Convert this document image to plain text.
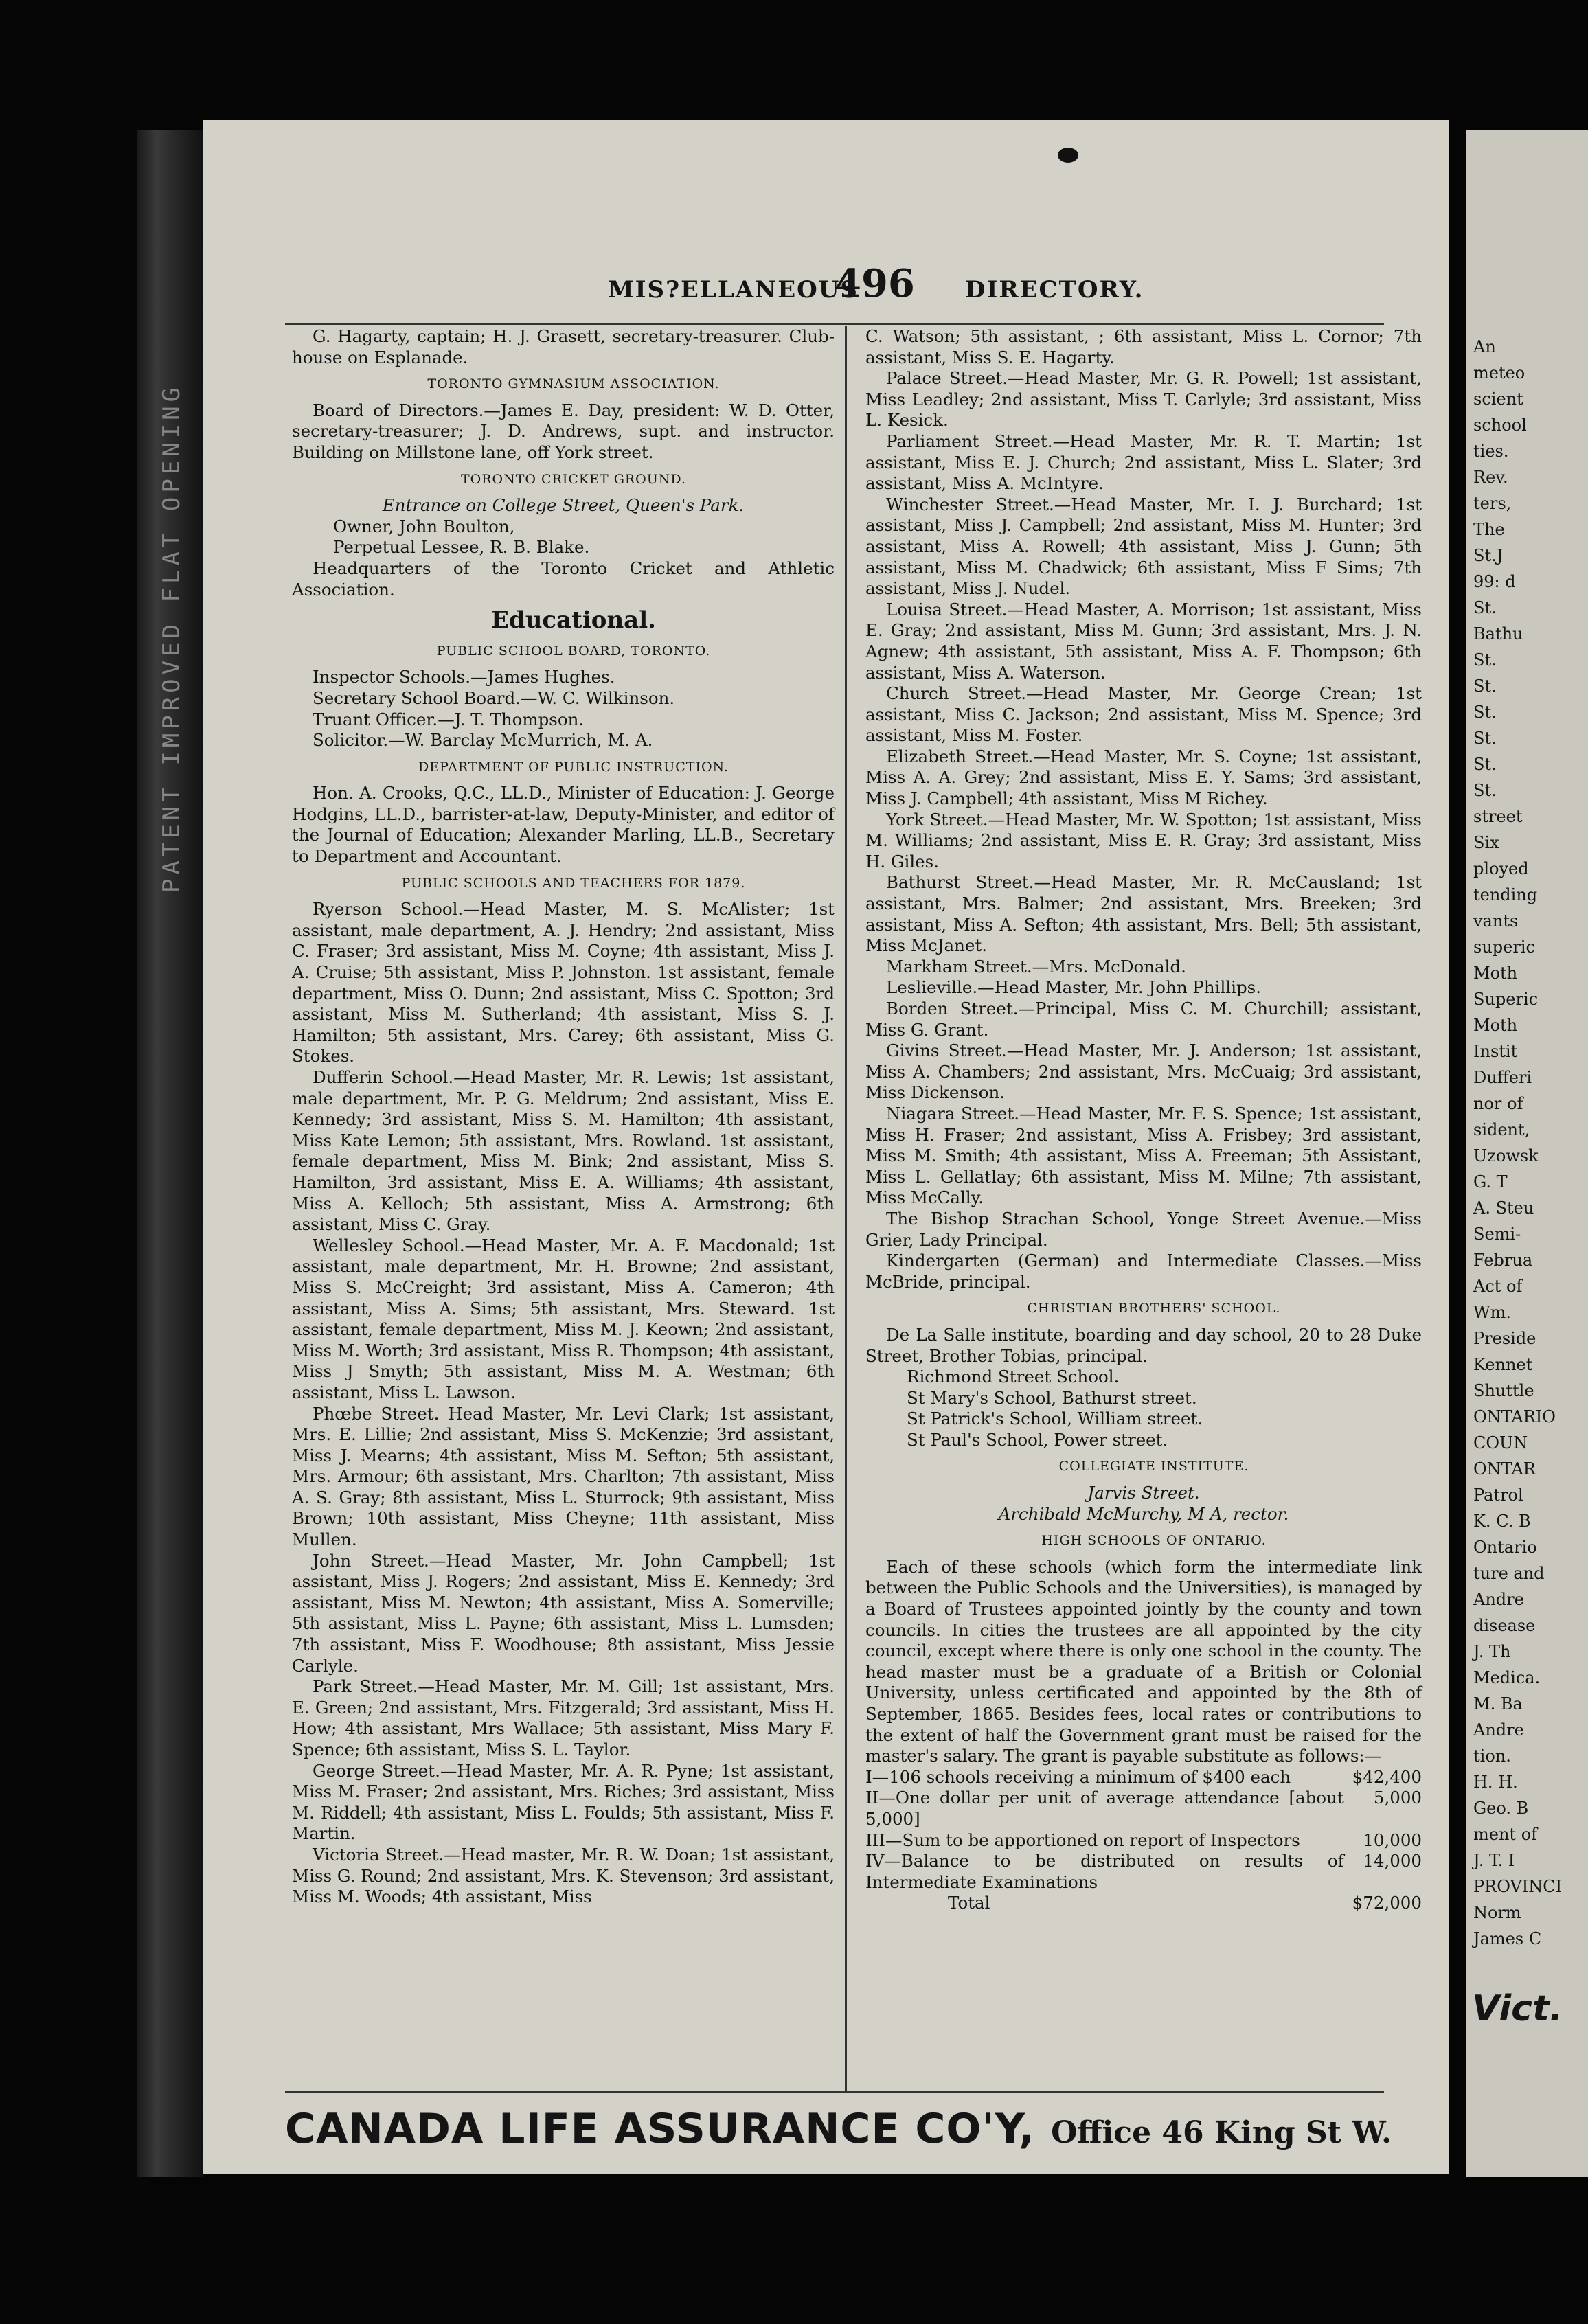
PATENT IMPROVED FLAT OPENING
MIS?ELLANEOUS
496 DIRECTORY.

G. Hagarty, captain; H. J. Grasett, secretary-treasurer. Club-house on Esplanade.

TORONTO GYMNASIUM ASSOCIATION.

Board of Directors.—James E. Day, president: W. D. Otter, secretary-treasurer; J. D. Andrews, supt. and instructor. Building on Millstone lane, off York street.

TORONTO CRICKET GROUND.

Entrance on College Street, Queen's Park.

Owner, John Boulton,

Perpetual Lessee, R. B. Blake.

Headquarters of the Toronto Cricket and Athletic Association.

Educational.

PUBLIC SCHOOL BOARD, TORONTO.

Inspector Schools.—James Hughes.

Secretary School Board.—W. C. Wilkinson.

Truant Officer.—J. T. Thompson.

Solicitor.—W. Barclay McMurrich, M. A.

DEPARTMENT OF PUBLIC INSTRUCTION.

Hon. A. Crooks, Q.C., LL.D., Minister of Education: J. George Hodgins, LL.D., barrister-at-law, Deputy-Minister, and editor of the Journal of Education; Alexander Marling, LL.B., Secretary to Department and Accountant.

PUBLIC SCHOOLS AND TEACHERS FOR 1879.

Ryerson School.—Head Master, M. S. McAlister; 1st assistant, male department, A. J. Hendry; 2nd assistant, Miss C. Fraser; 3rd assistant, Miss M. Coyne; 4th assistant, Miss J. A. Cruise; 5th assistant, Miss P. Johnston. 1st assistant, female department, Miss O. Dunn; 2nd assistant, Miss C. Spotton; 3rd assistant, Miss M. Sutherland; 4th assistant, Miss S. J. Hamilton; 5th assistant, Mrs. Carey; 6th assistant, Miss G. Stokes.

Dufferin School.—Head Master, Mr. R. Lewis; 1st assistant, male department, Mr. P. G. Meldrum; 2nd assistant, Miss E. Kennedy; 3rd assistant, Miss S. M. Hamilton; 4th assistant, Miss Kate Lemon; 5th assistant, Mrs. Rowland. 1st assistant, female department, Miss M. Bink; 2nd assistant, Miss S. Hamilton, 3rd assistant, Miss E. A. Williams; 4th assistant, Miss A. Kelloch; 5th assistant, Miss A. Armstrong; 6th assistant, Miss C. Gray.

Wellesley School.—Head Master, Mr. A. F. Macdonald; 1st assistant, male department, Mr. H. Browne; 2nd assistant, Miss S. McCreight; 3rd assistant, Miss A. Cameron; 4th assistant, Miss A. Sims; 5th assistant, Mrs. Steward. 1st assistant, female department, Miss M. J. Keown; 2nd assistant, Miss M. Worth; 3rd assistant, Miss R. Thompson; 4th assistant, Miss J Smyth; 5th assistant, Miss M. A. Westman; 6th assistant, Miss L. Lawson.

Phœbe Street. Head Master, Mr. Levi Clark; 1st assistant, Mrs. E. Lillie; 2nd assistant, Miss S. McKenzie; 3rd assistant, Miss J. Mearns; 4th assistant, Miss M. Sefton; 5th assistant, Mrs. Armour; 6th assistant, Mrs. Charlton; 7th assistant, Miss A. S. Gray; 8th assistant, Miss L. Sturrock; 9th assistant, Miss Brown; 10th assistant, Miss Cheyne; 11th assistant, Miss Mullen.

John Street.—Head Master, Mr. John Campbell; 1st assistant, Miss J. Rogers; 2nd assistant, Miss E. Kennedy; 3rd assistant, Miss M. Newton; 4th assistant, Miss A. Somerville; 5th assistant, Miss L. Payne; 6th assistant, Miss L. Lumsden; 7th assistant, Miss F. Woodhouse; 8th assistant, Miss Jessie Carlyle.

Park Street.—Head Master, Mr. M. Gill; 1st assistant, Mrs. E. Green; 2nd assistant, Mrs. Fitzgerald; 3rd assistant, Miss H. How; 4th assistant, Mrs Wallace; 5th assistant, Miss Mary F. Spence; 6th assistant, Miss S. L. Taylor.

George Street.—Head Master, Mr. A. R. Pyne; 1st assistant, Miss M. Fraser; 2nd assistant, Mrs. Riches; 3rd assistant, Miss M. Riddell; 4th assistant, Miss L. Foulds; 5th assistant, Miss F. Martin.

Victoria Street.—Head master, Mr. R. W. Doan; 1st assistant, Miss G. Round; 2nd assistant, Mrs. K. Stevenson; 3rd assistant, Miss M. Woods; 4th assistant, Miss

C. Watson; 5th assistant, ; 6th assistant, Miss L. Cornor; 7th assistant, Miss S. E. Hagarty.

Palace Street.—Head Master, Mr. G. R. Powell; 1st assistant, Miss Leadley; 2nd assistant, Miss T. Carlyle; 3rd assistant, Miss L. Kesick.

Parliament Street.—Head Master, Mr. R. T. Martin; 1st assistant, Miss E. J. Church; 2nd assistant, Miss L. Slater; 3rd assistant, Miss A. McIntyre.

Winchester Street.—Head Master, Mr. I. J. Burchard; 1st assistant, Miss J. Campbell; 2nd assistant, Miss M. Hunter; 3rd assistant, Miss A. Rowell; 4th assistant, Miss J. Gunn; 5th assistant, Miss M. Chadwick; 6th assistant, Miss F Sims; 7th assistant, Miss J. Nudel.

Louisa Street.—Head Master, A. Morrison; 1st assistant, Miss E. Gray; 2nd assistant, Miss M. Gunn; 3rd assistant, Mrs. J. N. Agnew; 4th assistant, 5th assistant, Miss A. F. Thompson; 6th assistant, Miss A. Waterson.

Church Street.—Head Master, Mr. George Crean; 1st assistant, Miss C. Jackson; 2nd assistant, Miss M. Spence; 3rd assistant, Miss M. Foster.

Elizabeth Street.—Head Master, Mr. S. Coyne; 1st assistant, Miss A. A. Grey; 2nd assistant, Miss E. Y. Sams; 3rd assistant, Miss J. Campbell; 4th assistant, Miss M Richey.

York Street.—Head Master, Mr. W. Spotton; 1st assistant, Miss M. Williams; 2nd assistant, Miss E. R. Gray; 3rd assistant, Miss H. Giles.

Bathurst Street.—Head Master, Mr. R. McCausland; 1st assistant, Mrs. Balmer; 2nd assistant, Mrs. Breeken; 3rd assistant, Miss A. Sefton; 4th assistant, Mrs. Bell; 5th assistant, Miss McJanet.

Markham Street.—Mrs. McDonald.

Leslieville.—Head Master, Mr. John Phillips.

Borden Street.—Principal, Miss C. M. Churchill; assistant, Miss G. Grant.

Givins Street.—Head Master, Mr. J. Anderson; 1st assistant, Miss A. Chambers; 2nd assistant, Mrs. McCuaig; 3rd assistant, Miss Dickenson.

Niagara Street.—Head Master, Mr. F. S. Spence; 1st assistant, Miss H. Fraser; 2nd assistant, Miss A. Frisbey; 3rd assistant, Miss M. Smith; 4th assistant, Miss A. Freeman; 5th Assistant, Miss L. Gellatlay; 6th assistant, Miss M. Milne; 7th assistant, Miss McCally.

The Bishop Strachan School, Yonge Street Avenue.—Miss Grier, Lady Principal.

Kindergarten (German) and Intermediate Classes.—Miss McBride, principal.

CHRISTIAN BROTHERS' SCHOOL.

De La Salle institute, boarding and day school, 20 to 28 Duke Street, Brother Tobias, principal.

Richmond Street School.

St Mary's School, Bathurst street.

St Patrick's School, William street.

St Paul's School, Power street.

COLLEGIATE INSTITUTE.

Jarvis Street.

Archibald McMurchy, M A, rector.

HIGH SCHOOLS OF ONTARIO.

Each of these schools (which form the intermediate link between the Public Schools and the Universities), is managed by a Board of Trustees appointed jointly by the county and town councils. In cities the trustees are all appointed by the city council, except where there is only one school in the county. The head master must be a graduate of a British or Colonial University, unless certificated and appointed by the 8th of September, 1865. Besides fees, local rates or contributions to the extent of half the Government grant must be raised for the master's salary. The grant is payable substitute as follows:—

I—106 schools receiving a minimum of $400 each	$42,400
II—One dollar per unit of average attendance [about 5,000]	5,000
III—Sum to be apportioned on report of Inspectors	10,000
IV—Balance to be distributed on results of Intermediate Examinations	14,000
Total	$72,000
CANADA LIFE ASSURANCE CO'Y, Office 46 King St W.
Vict.
An
meteo
scient
school
ties.
Rev.
ters,
The
St.J
99: d
St.
Bathu
St.
St.
St.
St.
St.
St.
street
Six
ployed
tending
vants
superic
Moth
Superic
Moth
Instit
Dufferi
nor of
sident,
Uzowsk
G. T
A. Steu
Semi-
Februa
Act of
Wm.
Preside
Kennet
Shuttle
ONTARIO
COUN
ONTAR
Patrol
K. C. B
Ontario
ture and
Andre
disease
J. Th
Medica.
M. Ba
Andre
tion.
H. H.
Geo. B
ment of
J. T. I
PROVINCI
Norm
James C
